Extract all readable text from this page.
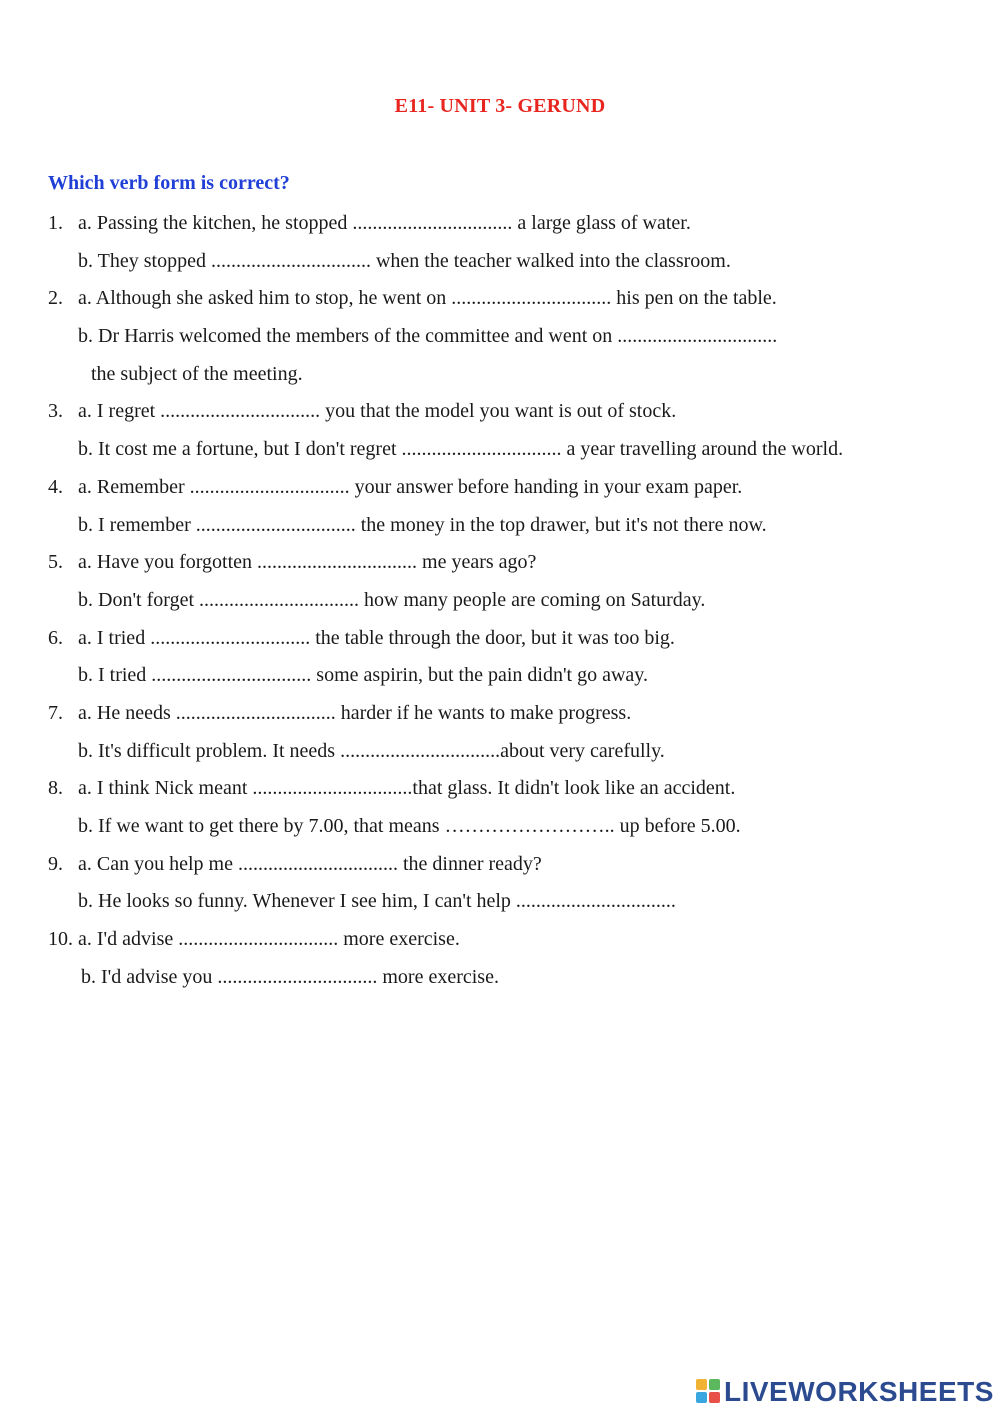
E11- UNIT 3- GERUND
Which verb form is correct?
1. a. Passing the kitchen, he stopped ................................ a large glass of water.
b. They stopped ................................ when the teacher walked into the classroom.
2. a. Although she asked him to stop, he went on ................................ his pen on the table.
b. Dr Harris welcomed the members of the committee and went on ................................
the subject of the meeting.
3. a. I regret ................................ you that the model you want is out of stock.
b. It cost me a fortune, but I don't regret ................................ a year travelling around the world.
4. a. Remember ................................ your answer before handing in your exam paper.
b. I remember ................................ the money in the top drawer, but it's not there now.
5. a. Have you forgotten ................................ me years ago?
b. Don't forget ................................ how many people are coming on Saturday.
6. a. I tried ................................ the table through the door, but it was too big.
b. I tried ................................ some aspirin, but the pain didn't go away.
7. a. He needs ................................ harder if he wants to make progress.
b. It's difficult problem. It needs ................................about very carefully.
8. a. I think Nick meant ................................that glass. It didn't look like an accident.
b. If we want to get there by 7.00, that means …………………….. up before 5.00.
9. a. Can you help me ................................ the dinner ready?
b. He looks so funny. Whenever I see him, I can't help ................................
10. a. I'd advise ................................ more exercise.
b. I'd advise you ................................ more exercise.
LIVEWORKSHEETS
